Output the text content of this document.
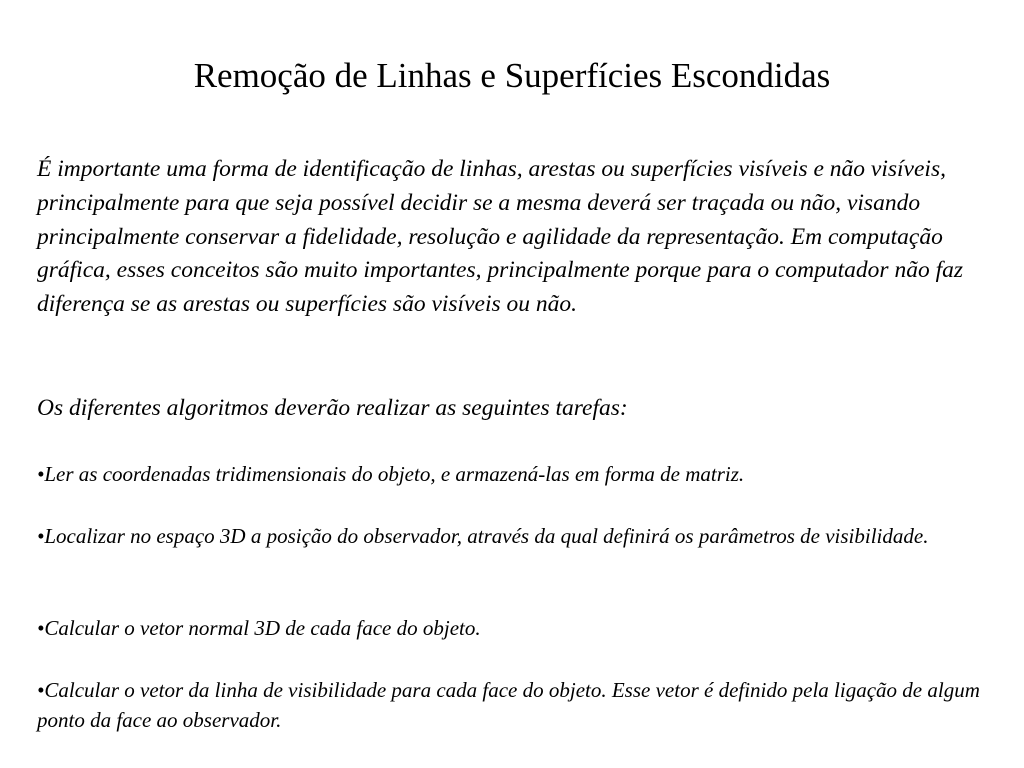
Remoção de Linhas e Superfícies Escondidas

É importante uma forma de identificação de linhas, arestas ou superfícies visíveis e não visíveis, principalmente para que seja possível decidir se a mesma deverá ser traçada ou não, visando principalmente conservar a fidelidade, resolução e agilidade da representação. Em computação gráfica, esses conceitos são muito importantes, principalmente porque para o computador não faz diferença se as arestas ou superfícies são visíveis ou não.

Os diferentes algoritmos deverão realizar as seguintes tarefas:

•Ler as coordenadas tridimensionais do objeto, e armazená-las em forma de matriz.

•Localizar no espaço 3D a posição do observador, através da qual definirá os parâmetros de visibilidade.

•Calcular o vetor normal 3D de cada face do objeto.

•Calcular o vetor da linha de visibilidade para cada face do objeto. Esse vetor é definido pela ligação de algum ponto da face ao observador.
